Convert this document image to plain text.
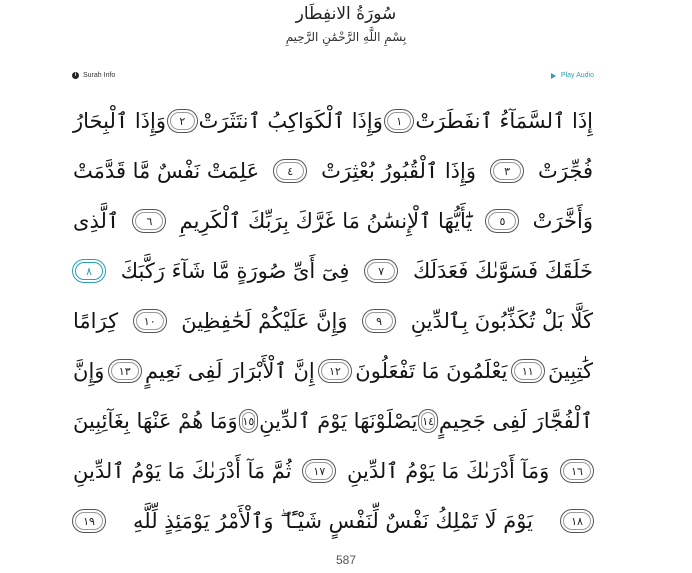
سُورَةُ الانفِطَار
بِسْمِ اللَّهِ الرَّحْمَٰنِ الرَّحِيمِ
i Surah Info	Play Audio
إِذَا ٱلسَّمَآءُ ٱنفَطَرَتْ
١
وَإِذَا ٱلْكَوَاكِبُ ٱنتَثَرَتْ
٢
وَإِذَا ٱلْبِحَارُ
فُجِّرَتْ
٣
وَإِذَا ٱلْقُبُورُ بُعْثِرَتْ
٤
عَلِمَتْ نَفْسٌ مَّا قَدَّمَتْ
وَأَخَّرَتْ
٥
يَٰٓأَيُّهَا ٱلْإِنسَٰنُ مَا غَرَّكَ بِرَبِّكَ ٱلْكَرِيمِ
٦
ٱلَّذِى
خَلَقَكَ فَسَوَّىٰكَ فَعَدَلَكَ
٧
فِىٓ أَىِّ صُورَةٍ مَّا شَآءَ رَكَّبَكَ
٨
كَلَّا بَلْ تُكَذِّبُونَ بِٱلدِّينِ
٩
وَإِنَّ عَلَيْكُمْ لَحَٰفِظِينَ
١٠
كِرَامًا
كَٰتِبِينَ
١١
يَعْلَمُونَ مَا تَفْعَلُونَ
١٢
إِنَّ ٱلْأَبْرَارَ لَفِى نَعِيمٍ
١٣
وَإِنَّ
ٱلْفُجَّارَ لَفِى جَحِيمٍ
١٤
يَصْلَوْنَهَا يَوْمَ ٱلدِّينِ
١٥
وَمَا هُمْ عَنْهَا بِغَآئِبِينَ
١٦
وَمَآ أَدْرَىٰكَ مَا يَوْمُ ٱلدِّينِ
١٧
ثُمَّ مَآ أَدْرَىٰكَ مَا يَوْمُ ٱلدِّينِ
١٨
يَوْمَ لَا تَمْلِكُ نَفْسٌ لِّنَفْسٍ شَيْـًٔا ۖ وَٱلْأَمْرُ يَوْمَئِذٍ لِّلَّهِ
١٩
587
